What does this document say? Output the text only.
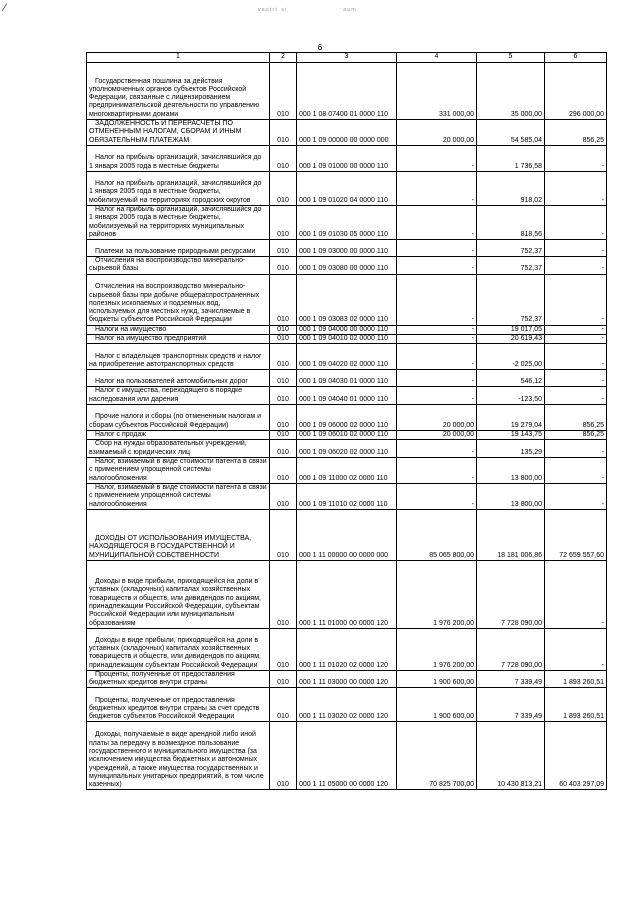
⁄	ᵛᵃᵘᵗʳᵗ ˢⁱ	ˑᵃᵘᵐ
6
1	2	3	4	5	6
Государственная пошлина за действия уполномоченных органов субъектов Российской Федерации, связанные с лицензированием предпринимательской деятельности по управлению многоквартирными домами	010	000 1 08 07400 01 0000 110	331 000,00	35 000,00	296 000,00
ЗАДОЛЖЕННОСТЬ И ПЕРЕРАСЧЕТЫ ПО ОТМЕНЕННЫМ НАЛОГАМ, СБОРАМ И ИНЫМ ОБЯЗАТЕЛЬНЫМ ПЛАТЕЖАМ	010	000 1 09 00000 00 0000 000	20 000,00	54 585,04	856,25
Налог на прибыль организаций, зачислявшийся до 1 января 2005 года в местные бюджеты	010	000 1 09 01000 00 0000 110	-	1 736,58	-
Налог на прибыль организаций, зачислявшийся до 1 января 2005 года в местные бюджеты, мобилизуемый на территориях городских округов	010	000 1 09 01020 04 0000 110	-	918,02	-
Налог на прибыль организаций, зачислявшийся до 1 января 2005 года в местные бюджеты, мобилизуемый на территориях муниципальных районов	010	000 1 09 01030 05 0000 110	-	818,56	-
Платежи за пользование природными ресурсами	010	000 1 09 03000 00 0000 110	-	752,37	-
Отчисления на воспроизводство минерально-сырьевой базы	010	000 1 09 03080 00 0000 110	-	752,37	-
Отчисления на воспроизводство минерально-сырьевой базы при добыче общераспространенных полезных ископаемых и подземных вод, используемых для местных нужд, зачисляемые в бюджеты субъектов Российской Федерации	010	000 1 09 03083 02 0000 110	-	752,37	-
Налоги на имущество	010	000 1 09 04000 00 0000 110	-	19 017,05	-
Налог на имущество предприятий	010	000 1 09 04010 02 0000 110	-	20 619,43	-
Налог с владельцев транспортных средств и налог на приобретение автотранспортных средств	010	000 1 09 04020 02 0000 110	-	-2 025,00	-
Налог на пользователей автомобильных дорог	010	000 1 09 04030 01 0000 110	-	546,12	-
Налог с имущества, переходящего в порядке наследования или дарения	010	000 1 09 04040 01 0000 110	-	-123,50	-
Прочие налоги и сборы (по отмененным налогам и сборам субъектов Российской Федерации)	010	000 1 09 06000 02 0000 110	20 000,00	19 279,04	856,25
Налог с продаж	010	000 1 09 06010 02 0000 110	20 000,00	19 143,75	856,25
Сбор на нужды образовательных учреждений, взимаемый с юридических лиц	010	000 1 09 06020 02 0000 110	-	135,29	-
Налог, взимаемый в виде стоимости патента в связи с применением упрощенной системы налогообложения	010	000 1 09 11000 02 0000 110	-	13 800,00	-
Налог, взимаемый в виде стоимости патента в связи с применением упрощенной системы налогообложения	010	000 1 09 11010 02 0000 110	-	13 800,00	-
ДОХОДЫ ОТ ИСПОЛЬЗОВАНИЯ ИМУЩЕСТВА, НАХОДЯЩЕГОСЯ В ГОСУДАРСТВЕННОЙ И МУНИЦИПАЛЬНОЙ СОБСТВЕННОСТИ	010	000 1 11 00000 00 0000 000	85 065 800,00	18 181 006,86	72 659 557,60
Доходы в виде прибыли, приходящейся на доли в уставных (складочных) капиталах хозяйственных товариществ и обществ, или дивидендов по акциям, принадлежащим Российской Федерации, субъектам Российской Федерации или муниципальным образованиям	010	000 1 11 01000 00 0000 120	1 976 200,00	7 728 090,00	-
Доходы в виде прибыли, приходящейся на доли в уставных (складочных) капиталах хозяйственных товариществ и обществ, или дивидендов по акциям, принадлежащим субъектам Российской Федерации	010	000 1 11 01020 02 0000 120	1 976 200,00	7 728 090,00	-
Проценты, полученные от предоставления бюджетных кредитов внутри страны	010	000 1 11 03000 00 0000 120	1 900 600,00	7 339,49	1 893 260,51
Проценты, полученные от предоставления бюджетных кредитов внутри страны за счет средств бюджетов субъектов Российской Федерации	010	000 1 11 03020 02 0000 120	1 900 600,00	7 339,49	1 893 260,51
Доходы, получаемые в виде арендной либо иной платы за передачу в возмездное пользование государственного и муниципального имущества (за исключением имущества бюджетных и автономных учреждений, а также имущества государственных и муниципальных унитарных предприятий, в том числе казенных)	010	000 1 11 05000 00 0000 120	70 825 700,00	10 430 813,21	60 403 297,09
